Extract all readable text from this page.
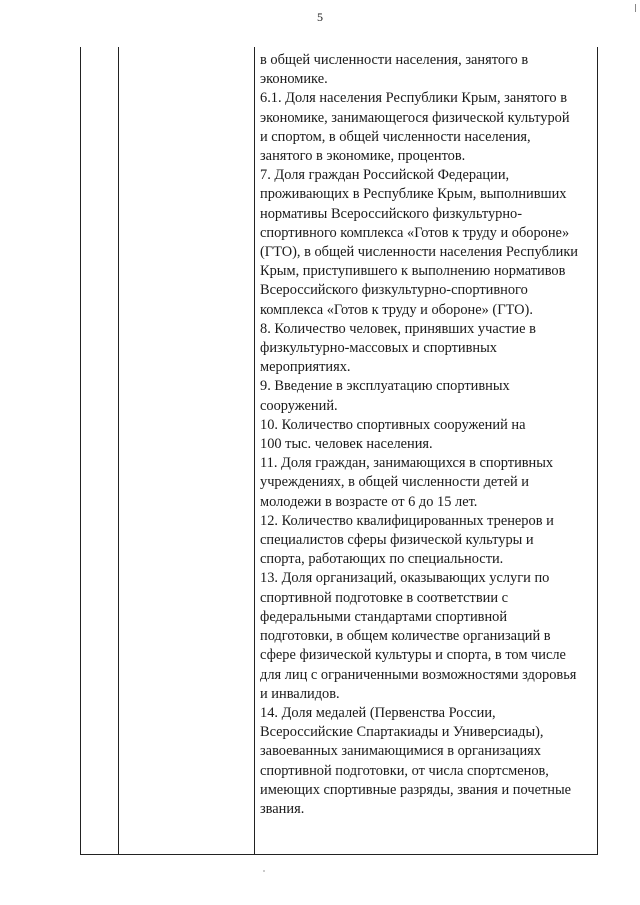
5
в общей численности населения, занятого в
экономике.
6.1. Доля населения Республики Крым, занятого в
экономике, занимающегося физической культурой
и спортом, в общей численности населения,
занятого в экономике, процентов.
7. Доля граждан Российской Федерации,
проживающих в Республике Крым, выполнивших
нормативы Всероссийского физкультурно-
спортивного комплекса «Готов к труду и обороне»
(ГТО), в общей численности населения Республики
Крым, приступившего к выполнению нормативов
Всероссийского физкультурно-спортивного
комплекса «Готов к труду и обороне» (ГТО).
8. Количество человек, принявших участие в
физкультурно-массовых и спортивных
мероприятиях.
9. Введение в эксплуатацию спортивных
сооружений.
10. Количество спортивных сооружений на
100 тыс. человек населения.
11. Доля граждан, занимающихся в спортивных
учреждениях, в общей численности детей и
молодежи в возрасте от 6 до 15 лет.
12. Количество квалифицированных тренеров и
специалистов сферы физической культуры и
спорта, работающих по специальности.
13. Доля организаций, оказывающих услуги по
спортивной подготовке в соответствии с
федеральными стандартами спортивной
подготовки, в общем количестве организаций в
сфере физической культуры и спорта, в том числе
для лиц с ограниченными возможностями здоровья
и инвалидов.
14. Доля медалей (Первенства России,
Всероссийские Спартакиады и Универсиады),
завоеванных занимающимися в организациях
спортивной подготовки, от числа спортсменов,
имеющих спортивные разряды, звания и почетные
звания.
